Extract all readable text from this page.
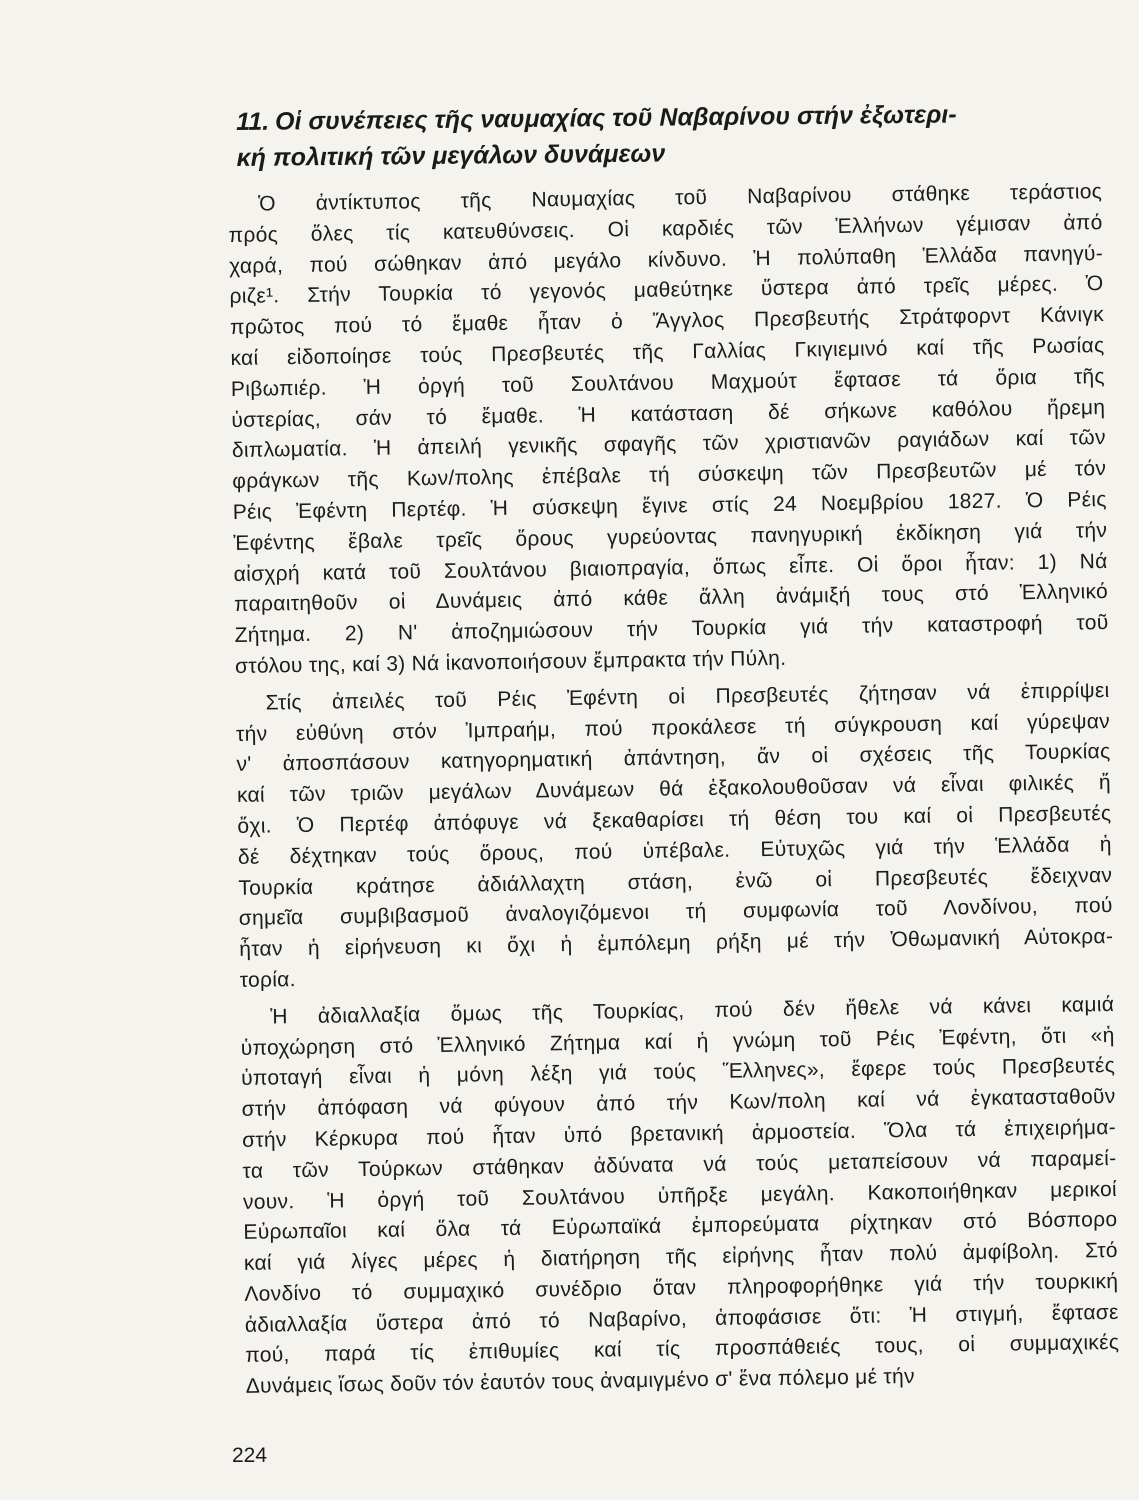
11. Οἱ συνέπειες τῆς ναυμαχίας τοῦ Ναβαρίνου στήν ἐξωτερι-
κή πολιτική τῶν μεγάλων δυνάμεων
Ὁ ἀντίκτυπος τῆς Ναυμαχίας τοῦ Ναβαρίνου στάθηκε τεράστιος
πρός ὅλες τίς κατευθύνσεις. Οἱ καρδιές τῶν Ἑλλήνων γέμισαν ἀπό
χαρά, πού σώθηκαν ἀπό μεγάλο κίνδυνο. Ἡ πολύπαθη Ἑλλάδα πανηγύ-
ριζε¹. Στήν Τουρκία τό γεγονός μαθεύτηκε ὕστερα ἀπό τρεῖς μέρες. Ὁ
πρῶτος πού τό ἔμαθε ἦταν ὁ Ἄγγλος Πρεσβευτής Στράτφορντ Κάνιγκ
καί εἰδοποίησε τούς Πρεσβευτές τῆς Γαλλίας Γκιγιεμινό καί τῆς Ρωσίας
Ριβωπιέρ. Ἡ ὀργή τοῦ Σουλτάνου Μαχμούτ ἔφτασε τά ὅρια τῆς
ὑστερίας, σάν τό ἔμαθε. Ἡ κατάσταση δέ σήκωνε καθόλου ἤρεμη
διπλωματία. Ἡ ἀπειλή γενικῆς σφαγῆς τῶν χριστιανῶν ραγιάδων καί τῶν
φράγκων τῆς Κων/πολης ἐπέβαλε τή σύσκεψη τῶν Πρεσβευτῶν μέ τόν
Ρέις Ἐφέντη Περτέφ. Ἡ σύσκεψη ἔγινε στίς 24 Νοεμβρίου 1827. Ὁ Ρέις
Ἐφέντης ἔβαλε τρεῖς ὅρους γυρεύοντας πανηγυρική ἐκδίκηση γιά τήν
αἰσχρή κατά τοῦ Σουλτάνου βιαιοπραγία, ὅπως εἶπε. Οἱ ὅροι ἦταν: 1) Νά
παραιτηθοῦν οἱ Δυνάμεις ἀπό κάθε ἄλλη ἀνάμιξή τους στό Ἑλληνικό
Ζήτημα. 2) Ν' ἀποζημιώσουν τήν Τουρκία γιά τήν καταστροφή τοῦ
στόλου της, καί 3) Νά ἱκανοποιήσουν ἔμπρακτα τήν Πύλη.
Στίς ἀπειλές τοῦ Ρέις Ἐφέντη οἱ Πρεσβευτές ζήτησαν νά ἐπιρρίψει
τήν εὐθύνη στόν Ἰμπραήμ, πού προκάλεσε τή σύγκρουση καί γύρεψαν
ν' ἀποσπάσουν κατηγορηματική ἀπάντηση, ἄν οἱ σχέσεις τῆς Τουρκίας
καί τῶν τριῶν μεγάλων Δυνάμεων θά ἐξακολουθοῦσαν νά εἶναι φιλικές ἤ
ὄχι. Ὁ Περτέφ ἀπόφυγε νά ξεκαθαρίσει τή θέση του καί οἱ Πρεσβευτές
δέ δέχτηκαν τούς ὅρους, πού ὑπέβαλε. Εὐτυχῶς γιά τήν Ἑλλάδα ἡ
Τουρκία κράτησε ἀδιάλλαχτη στάση, ἐνῶ οἱ Πρεσβευτές ἔδειχναν
σημεῖα συμβιβασμοῦ ἀναλογιζόμενοι τή συμφωνία τοῦ Λονδίνου, πού
ἦταν ἡ εἰρήνευση κι ὄχι ἡ ἐμπόλεμη ρήξη μέ τήν Ὀθωμανική Αὐτοκρα-
τορία.
Ἡ ἀδιαλλαξία ὅμως τῆς Τουρκίας, πού δέν ἤθελε νά κάνει καμιά
ὑποχώρηση στό Ἑλληνικό Ζήτημα καί ἡ γνώμη τοῦ Ρέις Ἐφέντη, ὅτι «ἡ
ὑποταγή εἶναι ἡ μόνη λέξη γιά τούς Ἕλληνες», ἔφερε τούς Πρεσβευτές
στήν ἀπόφαση νά φύγουν ἀπό τήν Κων/πολη καί νά ἐγκατασταθοῦν
στήν Κέρκυρα πού ἦταν ὑπό βρετανική ἁρμοστεία. Ὅλα τά ἐπιχειρήμα-
τα τῶν Τούρκων στάθηκαν ἀδύνατα νά τούς μεταπείσουν νά παραμεί-
νουν. Ἡ ὀργή τοῦ Σουλτάνου ὑπῆρξε μεγάλη. Κακοποιήθηκαν μερικοί
Εὐρωπαῖοι καί ὅλα τά Εὐρωπαϊκά ἐμπορεύματα ρίχτηκαν στό Βόσπορο
καί γιά λίγες μέρες ἡ διατήρηση τῆς εἰρήνης ἦταν πολύ ἀμφίβολη. Στό
Λονδίνο τό συμμαχικό συνέδριο ὅταν πληροφορήθηκε γιά τήν τουρκική
ἀδιαλλαξία ὕστερα ἀπό τό Ναβαρίνο, ἀποφάσισε ὅτι: Ἡ στιγμή, ἔφτασε
πού, παρά τίς ἐπιθυμίες καί τίς προσπάθειές τους, οἱ συμμαχικές
Δυνάμεις ἴσως δοῦν τόν ἑαυτόν τους ἀναμιγμένο σ' ἕνα πόλεμο μέ τήν
224
